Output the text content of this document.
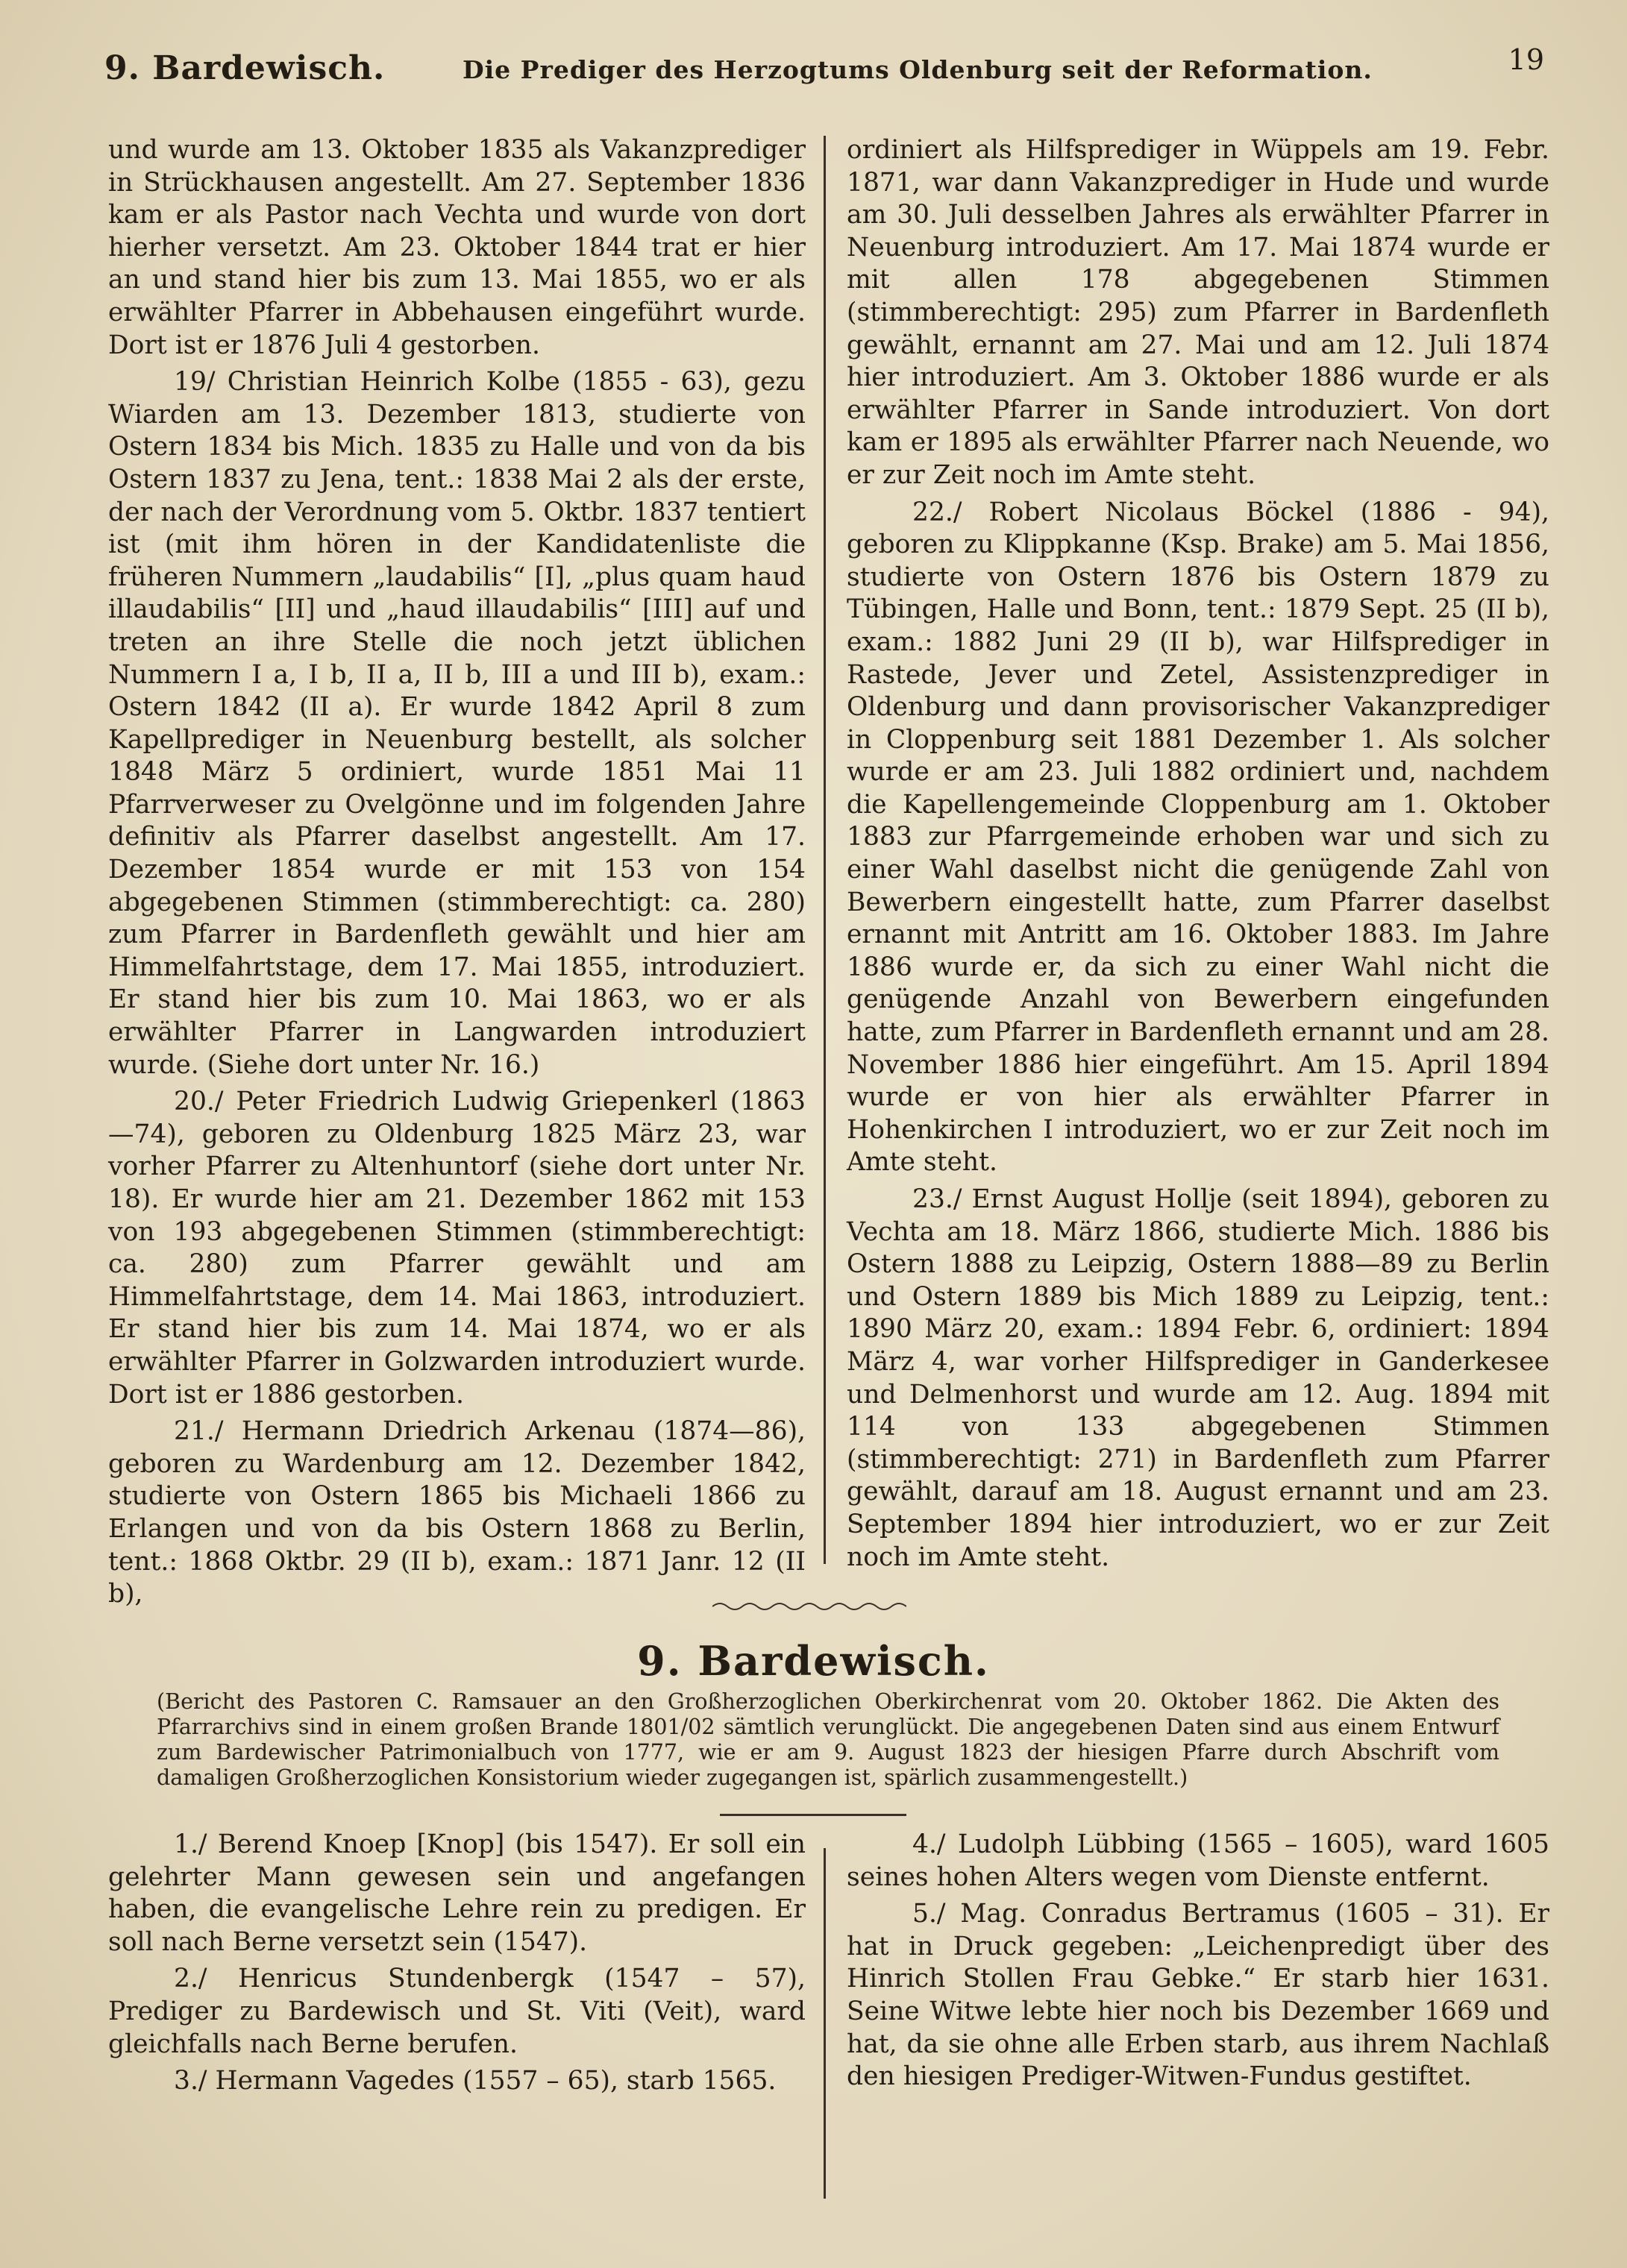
9. Bardewisch.	Die Prediger des Herzogtums Oldenburg seit der Reformation.	19

und wurde am 13. Oktober 1835 als Vakanzprediger in Strückhausen angestellt. Am 27. September 1836 kam er als Pastor nach Vechta und wurde von dort hierher versetzt. Am 23. Oktober 1844 trat er hier an und stand hier bis zum 13. Mai 1855, wo er als erwählter Pfarrer in Abbehausen eingeführt wurde. Dort ist er 1876 Juli 4 gestorben.

19/ Christian Heinrich Kolbe (1855 - 63), gezu Wiarden am 13. Dezember 1813, studierte von Ostern 1834 bis Mich. 1835 zu Halle und von da bis Ostern 1837 zu Jena, tent.: 1838 Mai 2 als der erste, der nach der Verordnung vom 5. Oktbr. 1837 tentiert ist (mit ihm hören in der Kandidatenliste die früheren Nummern „laudabilis“ [I], „plus quam haud illaudabilis“ [II] und „haud illaudabilis“ [III] auf und treten an ihre Stelle die noch jetzt üblichen Nummern I a, I b, II a, II b, III a und III b), exam.: Ostern 1842 (II a). Er wurde 1842 April 8 zum Kapellprediger in Neuenburg bestellt, als solcher 1848 März 5 ordiniert, wurde 1851 Mai 11 Pfarrverweser zu Ovelgönne und im folgenden Jahre definitiv als Pfarrer daselbst angestellt. Am 17. Dezember 1854 wurde er mit 153 von 154 abgegebenen Stimmen (stimmberechtigt: ca. 280) zum Pfarrer in Bardenfleth gewählt und hier am Himmelfahrtstage, dem 17. Mai 1855, introduziert. Er stand hier bis zum 10. Mai 1863, wo er als erwählter Pfarrer in Langwarden introduziert wurde. (Siehe dort unter Nr. 16.)

20./ Peter Friedrich Ludwig Griepenkerl (1863—74), geboren zu Oldenburg 1825 März 23, war vorher Pfarrer zu Altenhuntorf (siehe dort unter Nr. 18). Er wurde hier am 21. Dezember 1862 mit 153 von 193 abgegebenen Stimmen (stimmberechtigt: ca. 280) zum Pfarrer gewählt und am Himmelfahrtstage, dem 14. Mai 1863, introduziert. Er stand hier bis zum 14. Mai 1874, wo er als erwählter Pfarrer in Golzwarden introduziert wurde. Dort ist er 1886 gestorben.

21./ Hermann Driedrich Arkenau (1874—86), geboren zu Wardenburg am 12. Dezember 1842, studierte von Ostern 1865 bis Michaeli 1866 zu Erlangen und von da bis Ostern 1868 zu Berlin, tent.: 1868 Oktbr. 29 (II b), exam.: 1871 Janr. 12 (II b),

ordiniert als Hilfsprediger in Wüppels am 19. Febr. 1871, war dann Vakanzprediger in Hude und wurde am 30. Juli desselben Jahres als erwählter Pfarrer in Neuenburg introduziert. Am 17. Mai 1874 wurde er mit allen 178 abgegebenen Stimmen (stimmberechtigt: 295) zum Pfarrer in Bardenfleth gewählt, ernannt am 27. Mai und am 12. Juli 1874 hier introduziert. Am 3. Oktober 1886 wurde er als erwählter Pfarrer in Sande introduziert. Von dort kam er 1895 als erwählter Pfarrer nach Neuende, wo er zur Zeit noch im Amte steht.

22./ Robert Nicolaus Böckel (1886 - 94), geboren zu Klippkanne (Ksp. Brake) am 5. Mai 1856, studierte von Ostern 1876 bis Ostern 1879 zu Tübingen, Halle und Bonn, tent.: 1879 Sept. 25 (II b), exam.: 1882 Juni 29 (II b), war Hilfsprediger in Rastede, Jever und Zetel, Assistenzprediger in Oldenburg und dann provisorischer Vakanzprediger in Cloppenburg seit 1881 Dezember 1. Als solcher wurde er am 23. Juli 1882 ordiniert und, nachdem die Kapellengemeinde Cloppenburg am 1. Oktober 1883 zur Pfarrgemeinde erhoben war und sich zu einer Wahl daselbst nicht die genügende Zahl von Bewerbern eingestellt hatte, zum Pfarrer daselbst ernannt mit Antritt am 16. Oktober 1883. Im Jahre 1886 wurde er, da sich zu einer Wahl nicht die genügende Anzahl von Bewerbern eingefunden hatte, zum Pfarrer in Bardenfleth ernannt und am 28. November 1886 hier eingeführt. Am 15. April 1894 wurde er von hier als erwählter Pfarrer in Hohenkirchen I introduziert, wo er zur Zeit noch im Amte steht.

23./ Ernst August Hollje (seit 1894), geboren zu Vechta am 18. März 1866, studierte Mich. 1886 bis Ostern 1888 zu Leipzig, Ostern 1888—89 zu Berlin und Ostern 1889 bis Mich 1889 zu Leipzig, tent.: 1890 März 20, exam.: 1894 Febr. 6, ordiniert: 1894 März 4, war vorher Hilfsprediger in Ganderkesee und Delmenhorst und wurde am 12. Aug. 1894 mit 114 von 133 abgegebenen Stimmen (stimmberechtigt: 271) in Bardenfleth zum Pfarrer gewählt, darauf am 18. August ernannt und am 23. September 1894 hier introduziert, wo er zur Zeit noch im Amte steht.

9. Bardewisch.
(Bericht des Pastoren C. Ramsauer an den Großherzoglichen Oberkirchenrat vom 20. Oktober 1862. Die Akten des Pfarrarchivs sind in einem großen Brande 1801/02 sämtlich verunglückt. Die angegebenen Daten sind aus einem Entwurf zum Bardewischer Patrimonialbuch von 1777, wie er am 9. August 1823 der hiesigen Pfarre durch Abschrift vom damaligen Großherzoglichen Konsistorium wieder zugegangen ist, spärlich zusammengestellt.)

1./ Berend Knoep [Knop] (bis 1547). Er soll ein gelehrter Mann gewesen sein und angefangen haben, die evangelische Lehre rein zu predigen. Er soll nach Berne versetzt sein (1547).

2./ Henricus Stundenbergk (1547 – 57), Prediger zu Bardewisch und St. Viti (Veit), ward gleichfalls nach Berne berufen.

3./ Hermann Vagedes (1557 – 65), starb 1565.

4./ Ludolph Lübbing (1565 – 1605), ward 1605 seines hohen Alters wegen vom Dienste entfernt.

5./ Mag. Conradus Bertramus (1605 – 31). Er hat in Druck gegeben: „Leichenpredigt über des Hinrich Stollen Frau Gebke.“ Er starb hier 1631. Seine Witwe lebte hier noch bis Dezember 1669 und hat, da sie ohne alle Erben starb, aus ihrem Nachlaß den hiesigen Prediger-Witwen-Fundus gestiftet.
